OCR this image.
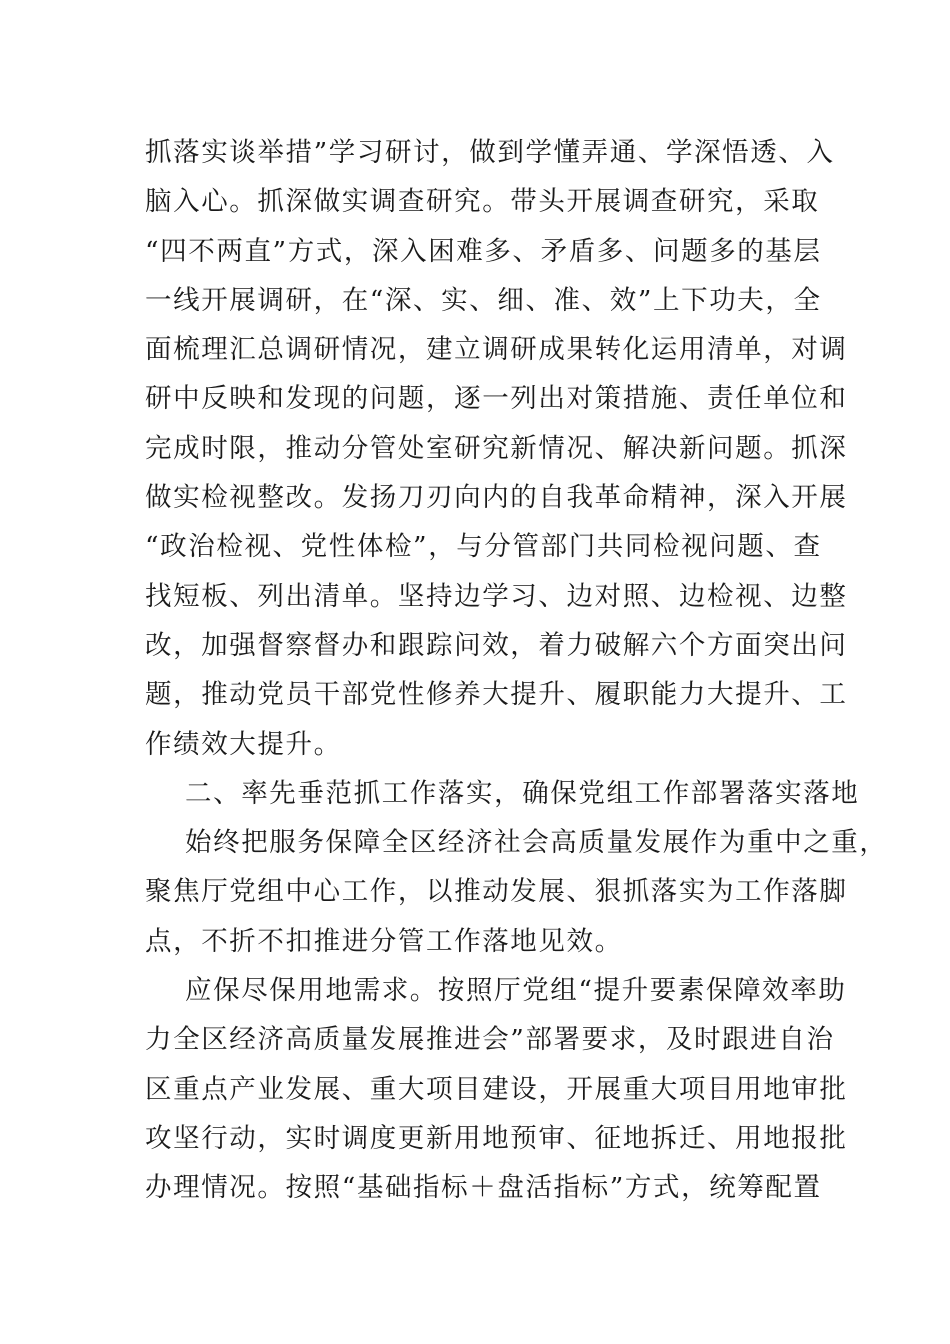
抓落实谈举措”学习研讨，做到学懂弄通、学深悟透、入
脑入心。抓深做实调查研究。带头开展调查研究，采取
“四不两直”方式，深入困难多、矛盾多、问题多的基层
一线开展调研，在“深、实、细、准、效”上下功夫，全
面梳理汇总调研情况，建立调研成果转化运用清单，对调
研中反映和发现的问题，逐一列出对策措施、责任单位和
完成时限，推动分管处室研究新情况、解决新问题。抓深
做实检视整改。发扬刀刃向内的自我革命精神，深入开展
“政治检视、党性体检”，与分管部门共同检视问题、查
找短板、列出清单。坚持边学习、边对照、边检视、边整
改，加强督察督办和跟踪问效，着力破解六个方面突出问
题，推动党员干部党性修养大提升、履职能力大提升、工
作绩效大提升。
二、率先垂范抓工作落实，确保党组工作部署落实落地
始终把服务保障全区经济社会高质量发展作为重中之重，
聚焦厅党组中心工作，以推动发展、狠抓落实为工作落脚
点，不折不扣推进分管工作落地见效。
应保尽保用地需求。按照厅党组“提升要素保障效率助
力全区经济高质量发展推进会”部署要求，及时跟进自治
区重点产业发展、重大项目建设，开展重大项目用地审批
攻坚行动，实时调度更新用地预审、征地拆迁、用地报批
办理情况。按照“基础指标＋盘活指标”方式，统筹配置
